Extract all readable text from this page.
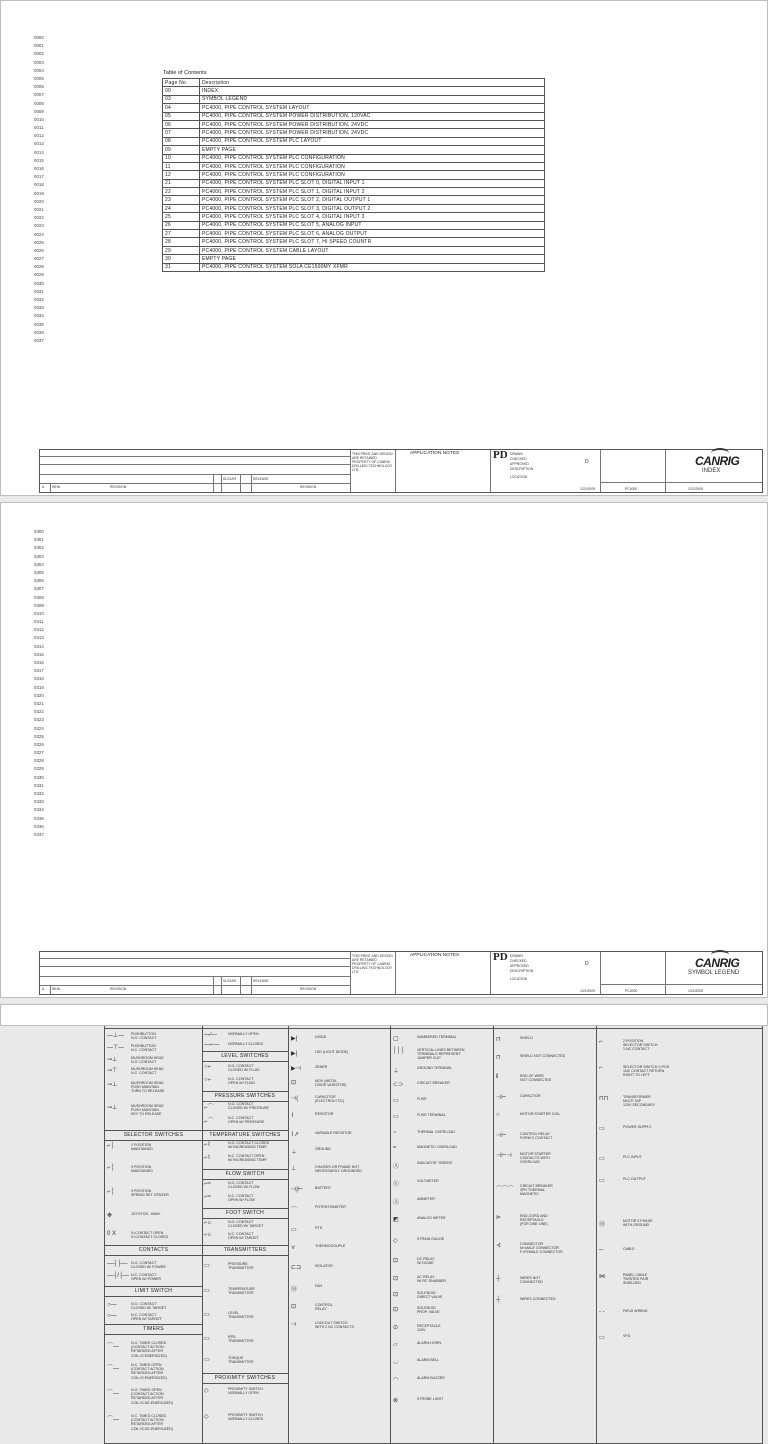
0000
0001
0002
0003
0004
0005
0006
0007
0008
0009
0010
0011
0012
0013
0014
0015
0016
0017
0018
0019
0020
0021
0022
0023
0024
0025
0026
0027
0028
0029
0030
0031
0032
0033
0034
0035
0036
0037
Table of Contents
Page No.	Description
00	INDEX
03	SYMBOL LEGEND
04	PC4000, PIPE CONTROL SYSTEM LAYOUT
05	PC4000, PIPE CONTROL SYSTEM POWER DISTRIBUTION, 120VAC
06	PC4000, PIPE CONTROL SYSTEM POWER DISTRIBUTION, 24VDC
07	PC4000, PIPE CONTROL SYSTEM POWER DISTRIBUTION, 24VDC
08	PC4000, PIPE CONTROL SYSTEM PLC LAYOUT
09	EMPTY PAGE
10	PC4000, PIPE CONTROL SYSTEM PLC CONFIGURATION
11	PC4000, PIPE CONTROL SYSTEM PLC CONFIGURATION
12	PC4000, PIPE CONTROL SYSTEM PLC CONFIGURATION
21	PC4000, PIPE CONTROL SYSTEM PLC SLOT 0, DIGITAL INPUT 1
22	PC4000, PIPE CONTROL SYSTEM PLC SLOT 1, DIGITAL INPUT 2
23	PC4000, PIPE CONTROL SYSTEM PLC SLOT 2, DIGITAL OUTPUT 1
24	PC4000, PIPE CONTROL SYSTEM PLC SLOT 3, DIGITAL OUTPUT 2
25	PC4000, PIPE CONTROL SYSTEM PLC SLOT 4, DIGITAL INPUT 3
26	PC4000, PIPE CONTROL SYSTEM PLC SLOT 5, ANALOG INPUT
27	PC4000, PIPE CONTROL SYSTEM PLC SLOT 6, ANALOG OUTPUT
28	PC4000, PIPE CONTROL SYSTEM PLC SLOT 7, HI SPEED COUNTR
29	PC4000, PIPE CONTROL SYSTEM CABLE LAYOUT
30	EMPTY PAGE
31	PC4000, PIPE CONTROL SYSTEM SOLA CE1500MY XFMR
A WHA	REVISION
01/21/09	RELEASE
REVISION
THIS PRINT AND DESIGN ARE RETAINED PROPERTY OF CANRIG DRILLING TECHNOLOGY LTD.
APPLICATION NOTES	PD DRAWN
CHECKED
APPROVED
DESCRIPTION
LOCATION
1/21/2009	PC4000
D	CANRIG
INDEX
1/21/2009
0300
0301
0302
0303
0304
0305
0306
0307
0308
0309
0310
0311
0312
0313
0314
0315
0316
0317
0318
0319
0320
0321
0322
0323
0324
0325
0326
0327
0328
0329
0330
0331
0332
0333
0334
0335
0336
0337
SELECTOR SWITCHES
CONTACTS
LIMIT SWITCH
TIMERS
LEVEL SWITCHES
PRESSURE SWITCHES
TEMPERATURE SWITCHES
FLOW SWITCH
FOOT SWITCH
TRANSMITTERS
PROXIMITY SWITCHES
—⊥— PUSHBUTTON
N.O. CONTACT
—⊤— PUSHBUTTON
N.C. CONTACT
⊸⊥	MUSHROOM HEAD
N.O. CONTACT
⊸⊤	MUSHROOM HEAD
N.C. CONTACT
⊸⊥	MUSHROOM HEAD
PUSH MAINTAIN
TURN TO RELEASE
⊸⊥	MUSHROOM HEAD
PUSH MAINTAIN
KEY TO RELEASE
⌐│	2 POSITION
MAINTAINED
⌐│	3 POSITION
MAINTAINED
⌐│	3 POSITION
SPRING RET CENTER
✥	JOYSTICK, 4WAY
0 X	0=CONTACT OPEN
X=CONTACT CLOSED
—┤├— N.O. CONTACT
CLOSED W/ POWER
—┤/├— N.C. CONTACT
OPEN W/ POWER
○—	N.O. CONTACT
CLOSED W/ TARGET
○—	N.C. CONTACT
OPEN W/ TARGET
⌒—
N.O. TIMED CLOSED
(CONTACT ACTION
RETARDED AFTER
COIL IS ENERGIZED)
⌒—
N.C. TIMED OPEN
(CONTACT ACTION
RETARDED AFTER
COIL IS ENERGIZED)
⌒—
N.O. TIMED OPEN
(CONTACT ACTION
RETARDED AFTER
COIL IS DE-ENERGIZED)
⌒—
N.C. TIMED CLOSED
(CONTACT ACTION
RETARDED AFTER
COIL IS DE-ENERGIZED)
—∕—	NORMALLY OPEN
—⌐— NORMALLY CLOSED
○⌐	N.O. CONTACT
CLOSED W/ FLUID
○⌐	N.C. CONTACT
OPEN W/ FLUID
⌐⌒
N.O. CONTACT
CLOSED W/ PRESSURE
⌐⌒
N.C. CONTACT
OPEN W/ PRESSURE
⌐⌇	N.O. CONTACT CLOSED
W/ INCREASING TEMP.
⌐⌇	N.C. CONTACT OPEN
W/ INCREASING TEMP.
⌐≈	N.O. CONTACT
CLOSED W/ FLOW
⌐≈	N.C. CONTACT
OPEN W/ FLOW
⌐⌂	N.O. CONTACT
CLOSED W/ TARGET
⌐⌂	N.C. CONTACT
OPEN W/ TARGET
▭	PRESSURE
TRANSMITTER
▭	TEMPERATURE
TRANSMITTER
▭	LEVEL
TRANSMITTER
▭	RPD
TRANSMITTER
▭	TORQUE
TRANSMITTER
◇	PROXIMITY SWITCH
NORMALLY OPEN
◇	PROXIMITY SWITCH
NORMALLY CLOSED
▶|	DIODE
▶|	LED (LIGHT DIODE)
▶⊣	ZENER
⊡	MOV (METAL
OXIDE VARISTOR)
⊣(	CAPACITOR
(ELECTROLYTIC)
⌇	RESISTOR
⌇↗	VARIABLE RESISTOR
⏚
GROUND
⊥	CHASSIS OR FRAME NOT
NECESSARILY GROUNDED
⊣|⊢	BATTERY
⌒
POTENTIOMETER
▭	RTD
⋎	THERMOCOUPLE
⊏⊐	ISOLATOR
Ⓜ
FAN
⊡	CONTROL
RELAY
⊣	LOCKOUT SWITCH
WITH 2 NC CONTACTS
▢	NUMBERED TERMINAL
│││	VERTICAL LINES BETWEEN
TERMINALS REPRESENT
JUMPER CLIP
⏚
GROUND TERMINAL
⊂⊃	CIRCUIT BREAKER
▭	FUSE
▭	FUSE TERMINAL
~	THERMAL OVERLOAD
≈	MAGNETIC OVERLOAD
Ⓐ
INDICATOR "GREEN"
Ⓥ
VOLTMETER
Ⓐ
AMMETER
◩	ANALOG METER
◇	STRAIN GAUGE
⊡	DC RELAY
W/ DIODE
⊡	AC RELAY
W/ RC SNUBBER
⊡	SOLENOID
DIRECT VALVE
⊡	SOLENOID
PROP. VALVE
⊙	RECEPTACLE
120V
▱	ALARM HORN
◡	ALARM BELL
◠	ALARM BUZZER
⊗	STROBE LIGHT
⊓	SHIELD
⊓	SHIELD NOT CONNECTED
‖	END OF WIRE
NOT CONNECTED
⊣⊢	CAPACITOR
○	MOTOR STARTER COIL
⊣⊢	CONTROL RELAY
FORM C CONTACT
⊣⊢⊣ MOTOR STARTER
CONTACTS WITH
OVERLOAD
⌒⌒⌒
CIRCUIT BREAKER
3PH THERMAL
MAGNETIC
⊳	END-CORD AND
RECEPTACLE
(FOR ONE LINE)
⊰	CONNECTOR
M=MALE CONNECTOR
F=FEMALE CONNECTOR
┼	WIRES NOT
CONNECTED
┼	WIRES CONNECTED
⌐	2 POSITION
SELECTOR SWITCH
1 NC CONTACT
⌐	SELECTOR SWITCH 2-POS
1NC CONTACT RETURN
RIGHT TO LEFT
⊓⊓	TRANSFORMER
MULTI TAP
120V SECONDARY
▭	POWER SUPPLY
▭	PLC INPUT
▭	PLC OUTPUT
Ⓜ
MOTOR 3 PHASE
WITH GROUND
─	CABLE
⋈	PANEL CABLE
TWISTED PAIR
SHIELDED
- -	FIELD WIRING
▭	VFD
A WHA	REVISION
01/21/09	RELEASE
REVISION
THIS PRINT AND DESIGN ARE RETAINED PROPERTY OF CANRIG DRILLING TECHNOLOGY LTD.
APPLICATION NOTES	PD DRAWN
CHECKED
APPROVED
DESCRIPTION
LOCATION
1/21/2009	PC4000
D	CANRIG
SYMBOL LEGEND
1/21/2009
